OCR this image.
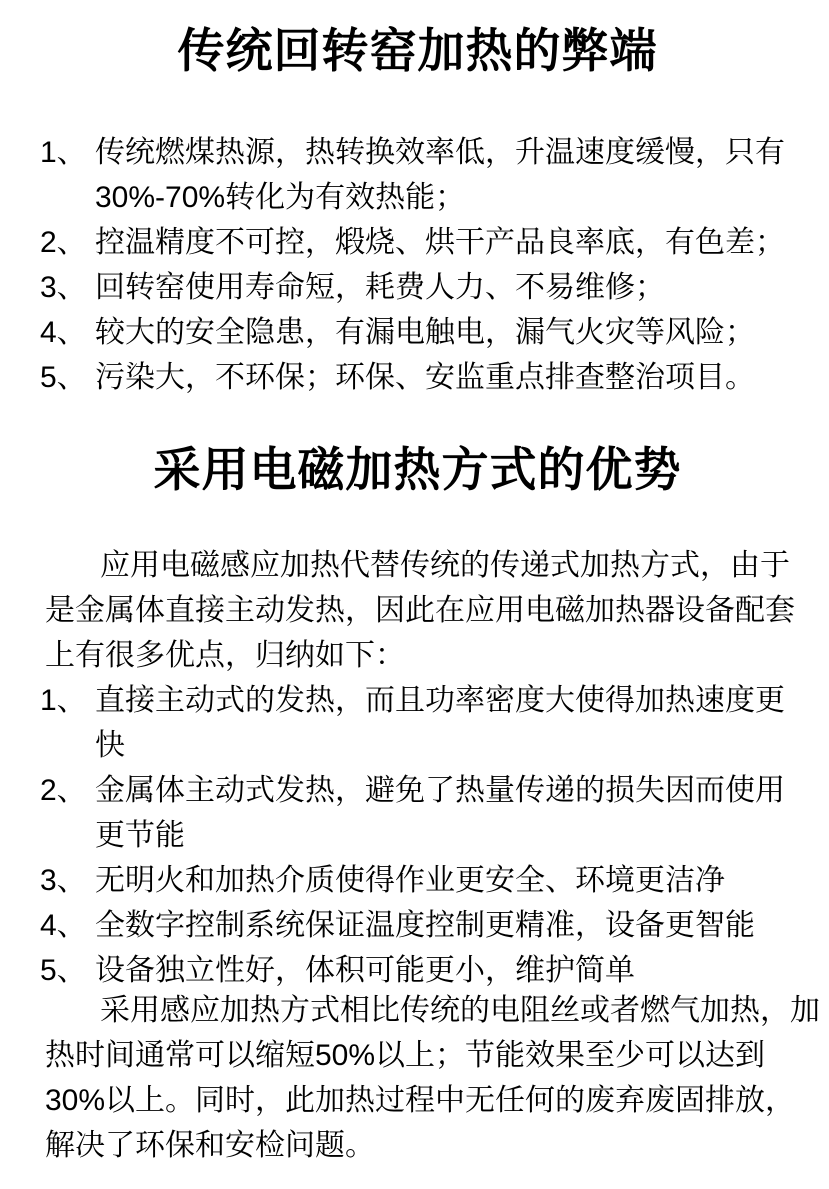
传统回转窑加热的弊端
1、 传统燃煤热源，热转换效率低，升温速度缓慢，只有
30%-70%转化为有效热能；
2、 控温精度不可控，煅烧、烘干产品良率底，有色差；
3、 回转窑使用寿命短，耗费人力、不易维修；
4、 较大的安全隐患，有漏电触电，漏气火灾等风险；
5、 污染大，不环保；环保、安监重点排查整治项目。
采用电磁加热方式的优势
应用电磁感应加热代替传统的传递式加热方式，由于
是金属体直接主动发热，因此在应用电磁加热器设备配套
上有很多优点，归纳如下：
1、 直接主动式的发热，而且功率密度大使得加热速度更
快
2、 金属体主动式发热，避免了热量传递的损失因而使用
更节能
3、 无明火和加热介质使得作业更安全、环境更洁净
4、 全数字控制系统保证温度控制更精准，设备更智能
5、 设备独立性好，体积可能更小，维护简单
采用感应加热方式相比传统的电阻丝或者燃气加热，加
热时间通常可以缩短50%以上；节能效果至少可以达到
30%以上。同时，此加热过程中无任何的废弃废固排放，
解决了环保和安检问题。
